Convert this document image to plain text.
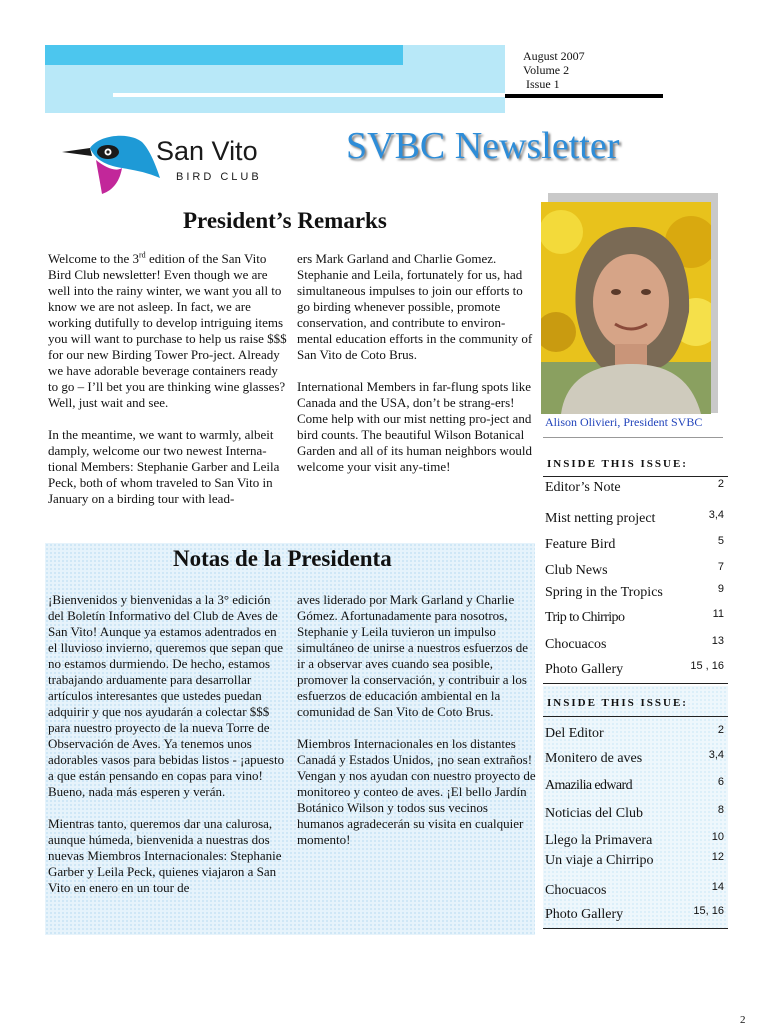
August 2007
Volume 2
Issue 1
San Vito
BIRD CLUB
SVBC Newsletter
President’s Remarks

Welcome to the 3rd edition of the San Vito Bird Club newsletter! Even though we are well into the rainy winter, we want you all to know we are not asleep. In fact, we are working dutifully to develop intriguing items you will want to purchase to help us raise $$$ for our new Birding Tower Pro-ject. Already we have adorable beverage containers ready to go – I’ll bet you are thinking wine glasses? Well, just wait and see.

In the meantime, we want to warmly, albeit damply, welcome our two newest Interna-tional Members: Stephanie Garber and Leila Peck, both of whom traveled to San Vito in January on a birding tour with lead-

ers Mark Garland and Charlie Gomez. Stephanie and Leila, fortunately for us, had simultaneous impulses to join our efforts to go birding whenever possible, promote conservation, and contribute to environ-mental education efforts in the community of San Vito de Coto Brus.

International Members in far-flung spots like Canada and the USA, don’t be strang-ers! Come help with our mist netting pro-ject and bird counts. The beautiful Wilson Botanical Garden and all of its human neighbors would welcome your visit any-time!

Alison Olivieri, President SVBC
INSIDE THIS ISSUE:
Editor’s Note	2
Mist netting project	3,4
Feature Bird	5
Club News	7
Spring in the Tropics	9
Trip to Chirripo	11
Chocuacos	13
Photo Gallery	15 , 16
Notas de la Presidenta

¡Bienvenidos y bienvenidas a la 3° edición del Boletín Informativo del Club de Aves de San Vito! Aunque ya estamos adentrados en el lluvioso invierno, queremos que sepan que no estamos durmiendo. De hecho, estamos trabajando arduamente para desarrollar artículos interesantes que ustedes puedan adquirir y que nos ayudarán a colectar $$$ para nuestro proyecto de la nueva Torre de Observación de Aves. Ya tenemos unos adorables vasos para bebidas listos - ¡apuesto a que están pensando en copas para vino! Bueno, nada más esperen y verán.

Mientras tanto, queremos dar una calurosa, aunque húmeda, bienvenida a nuestras dos nuevas Miembros Internacionales: Stephanie Garber y Leila Peck, quienes viajaron a San Vito en enero en un tour de

aves liderado por Mark Garland y Charlie Gómez. Afortunadamente para nosotros, Stephanie y Leila tuvieron un impulso simultáneo de unirse a nuestros esfuerzos de ir a observar aves cuando sea posible, promover la conservación, y contribuir a los esfuerzos de educación ambiental en la comunidad de San Vito de Coto Brus.

Miembros Internacionales en los distantes Canadá y Estados Unidos, ¡no sean extraños! Vengan y nos ayudan con nuestro proyecto de monitoreo y conteo de aves. ¡El bello Jardín Botánico Wilson y todos sus vecinos humanos agradecerán su visita en cualquier momento!

INSIDE THIS ISSUE:
Del Editor	2
Monitero de aves	3,4
Amazilia edward	6
Noticias del Club	8
Llego la Primavera	10
Un viaje a Chirripo	12
Chocuacos	14
Photo Gallery	15, 16
2
